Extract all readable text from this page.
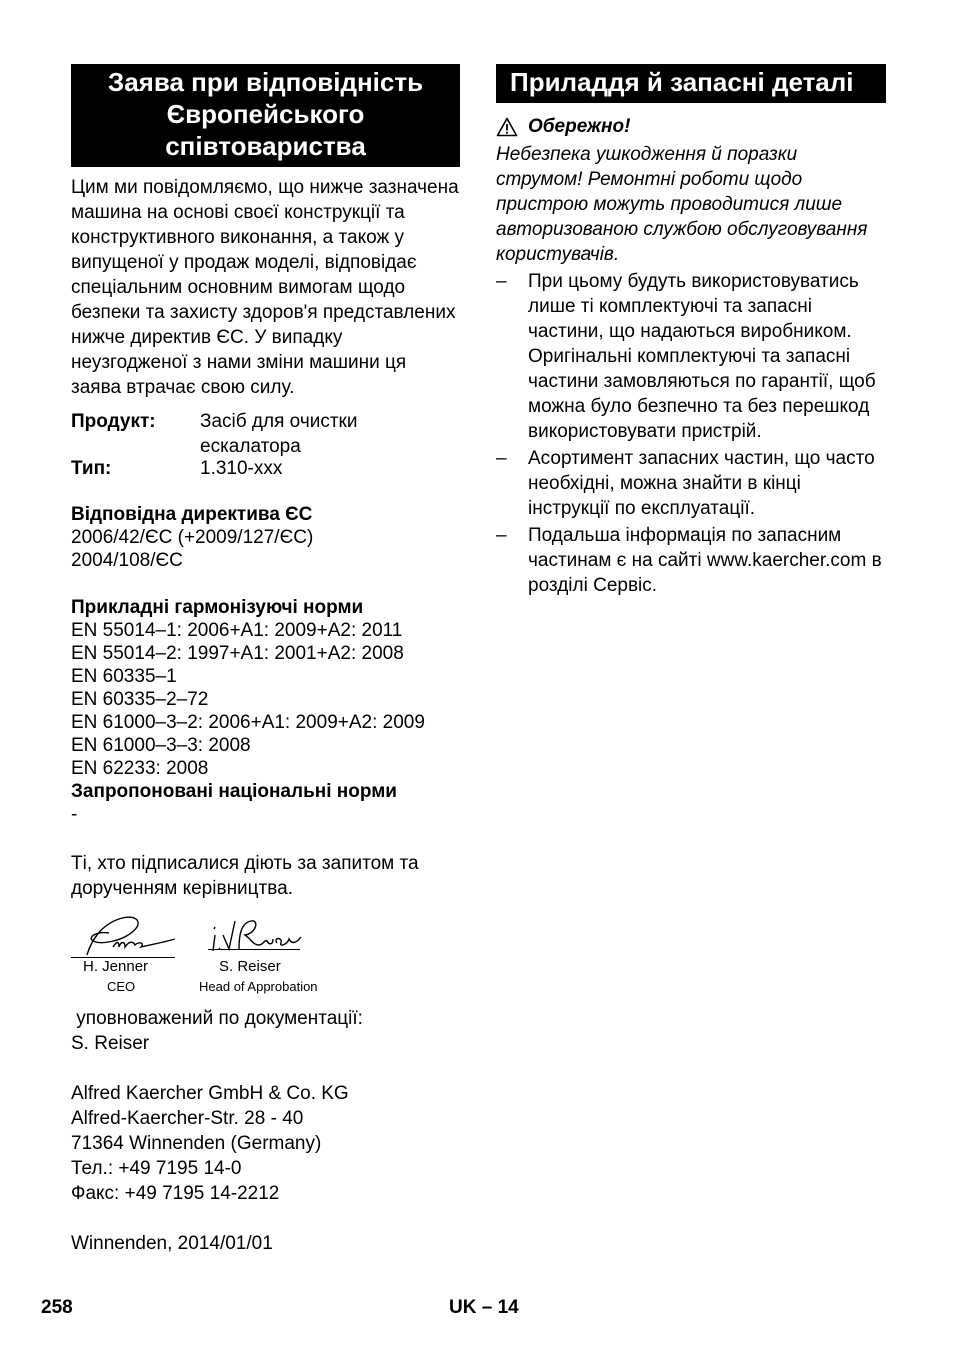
Заява при відповідність
Європейського
співтовариства

Цим ми повідомляємо, що нижче зазначена машина на основі своєї конструкції та конструктивного виконання, а також у випущеної у продаж моделі, відповідає спеціальним основним вимогам щодо безпеки та захисту здоров'я представлених нижче директив ЄС. У випадку неузгодженої з нами зміни машини ця заява втрачає свою силу.

Продукт:	Засіб для очистки ескалатора
Тип:	1.310-xxx
Відповідна директива ЄС
2006/42/ЄС (+2009/127/ЄС)
2004/108/ЄС
Прикладні гармонізуючі норми
EN 55014–1: 2006+A1: 2009+A2: 2011
EN 55014–2: 1997+A1: 2001+A2: 2008
EN 60335–1
EN 60335–2–72
EN 61000–3–2: 2006+A1: 2009+A2: 2009
EN 61000–3–3: 2008
EN 62233: 2008
Запропоновані національні норми
-

Ті, хто підписалися діють за запитом та дорученням керівництва.

H. Jenner
CEO
S. Reiser
Head of Approbation
уповноважений по документації:
S. Reiser
Alfred Kaercher GmbH & Co. KG
Alfred-Kaercher-Str. 28 - 40
71364 Winnenden (Germany)
Тел.: +49 7195 14-0
Факс: +49 7195 14-2212
Winnenden, 2014/01/01
Приладдя й запасні деталі
Обережно!

Небезпека ушкодження й поразки струмом! Ремонтні роботи щодо пристрою можуть проводитися лише авторизованою службою обслуговування користувачів.

–	При цьому будуть використовуватись лише ті комплектуючі та запасні частини, що надаються виробником. Оригінальні комплектуючі та запасні частини замовляються по гарантії, щоб можна було безпечно та без перешкод використовувати пристрій.
–	Асортимент запасних частин, що часто необхідні, можна знайти в кінці інструкції по експлуатації.
–	Подальша інформація по запасним частинам є на сайті www.kaercher.com в розділі Сервіс.
258	UK – 14
